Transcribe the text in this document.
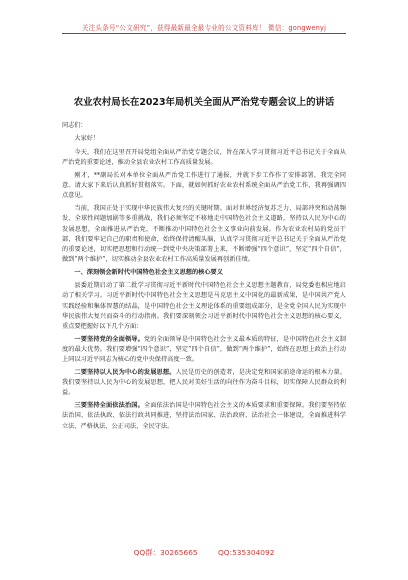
关注头条号“公文研究”，获得最新最全最专业的公文资料库！ 微信：gongwenyj
农业农村局长在2023年局机关全面从严治党专题会议上的讲话

同志们：

大家好！

今天，我们在这里召开局党组全面从严治党专题会议，旨在深入学习贯彻习近平总书记关于全面从严治党的重要论述，推动全县农业农村工作高质量发展。

刚才，**副局长对本单位全面从严治党工作进行了通报，并就下步工作作了安排部署，我完全同意。请大家下来后认真抓好贯彻落实。下面，就如何抓好农业农村系统全面从严治党工作，我再强调四点意见。

当前，我国正处于实现中华民族伟大复兴的关键时期。面对世界经济复苏乏力、局部冲突和动荡频发、全球性问题加剧等多重挑战，我们必须坚定不移地走中国特色社会主义道路，坚持以人民为中心的发展思想，全面推进从严治党，不断推动中国特色社会主义事业向前发展。作为农业农村局的党员干部，我们要牢记自己的职责和使命，始终保持清醒头脑，认真学习贯彻习近平总书记关于全面从严治党的重要论述，切实把思想和行动统一到党中央决策部署上来，不断增强“四个意识”，坚定“四个自信”，做到“两个维护”，切实推动全县农业农村工作高质量发展再创新佳绩。

一、深刻领会新时代中国特色社会主义思想的核心要义

县委近期启动了第二批学习贯彻习近平新时代中国特色社会主义思想主题教育，局党委也相应地启动了相关学习。习近平新时代中国特色社会主义思想是马克思主义中国化的最新成果，是中国共产党人实践经验和集体智慧的结晶，是中国特色社会主义理论体系的重要组成部分，是全党全国人民为实现中华民族伟大复兴而奋斗的行动指南。我们要深刻领会习近平新时代中国特色社会主义思想的核心要义，重点要把握好以下几个方面：

一要坚持党的全面领导。党的全面领导是中国特色社会主义最本质的特征，是中国特色社会主义制度的最大优势。我们要增强“四个意识”，坚定“四个自信”，做到“两个维护”，始终在思想上政治上行动上同以习近平同志为核心的党中央保持高度一致。

二要坚持以人民为中心的发展思想。人民是历史的创造者，是决定党和国家前途命运的根本力量。我们要坚持以人民为中心的发展思想，把人民对美好生活的向往作为奋斗目标，切实保障人民群众的利益。

三要坚持全面依法治国。全面依法治国是中国特色社会主义的本质要求和重要保障。我们要坚持依法治国、依法执政、依法行政共同推进，坚持法治国家、法治政府、法治社会一体建设，全面推进科学立法、严格执法、公正司法、全民守法。

QQ群：30265665	QQ:535304092
